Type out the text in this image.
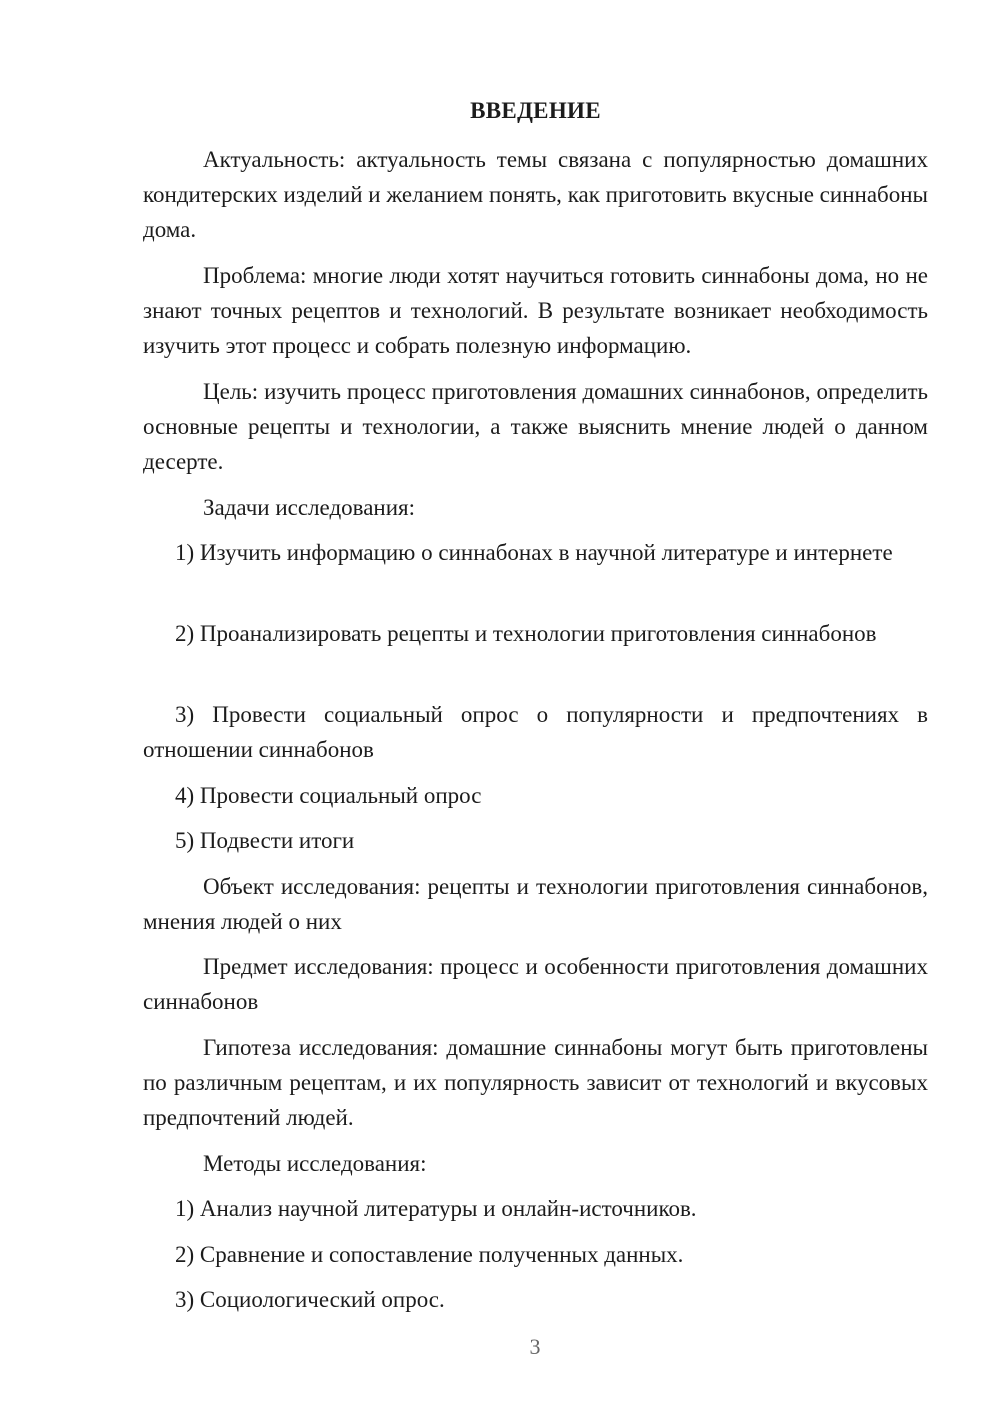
ВВЕДЕНИЕ

Актуальность: актуальность темы связана с популярностью домашних кондитерских изделий и желанием понять, как приготовить вкусные синнабоны дома.

Проблема: многие люди хотят научиться готовить синнабоны дома, но не знают точных рецептов и технологий. В результате возникает необходимость изучить этот процесс и собрать полезную информацию.

Цель: изучить процесс приготовления домашних синнабонов, определить основные рецепты и технологии, а также выяснить мнение людей о данном десерте.

Задачи исследования:

1) Изучить информацию о синнабонах в научной литературе и интернете

2) Проанализировать рецепты и технологии приготовления синнабонов

3) Провести социальный опрос о популярности и предпочтениях в отношении синнабонов

4) Провести социальный опрос

5) Подвести итоги

Объект исследования: рецепты и технологии приготовления синнабонов, мнения людей о них

Предмет исследования: процесс и особенности приготовления домашних синнабонов

Гипотеза исследования: домашние синнабоны могут быть приготовлены по различным рецептам, и их популярность зависит от технологий и вкусовых предпочтений людей.

Методы исследования:

1) Анализ научной литературы и онлайн-источников.

2) Сравнение и сопоставление полученных данных.

3) Социологический опрос.

3
